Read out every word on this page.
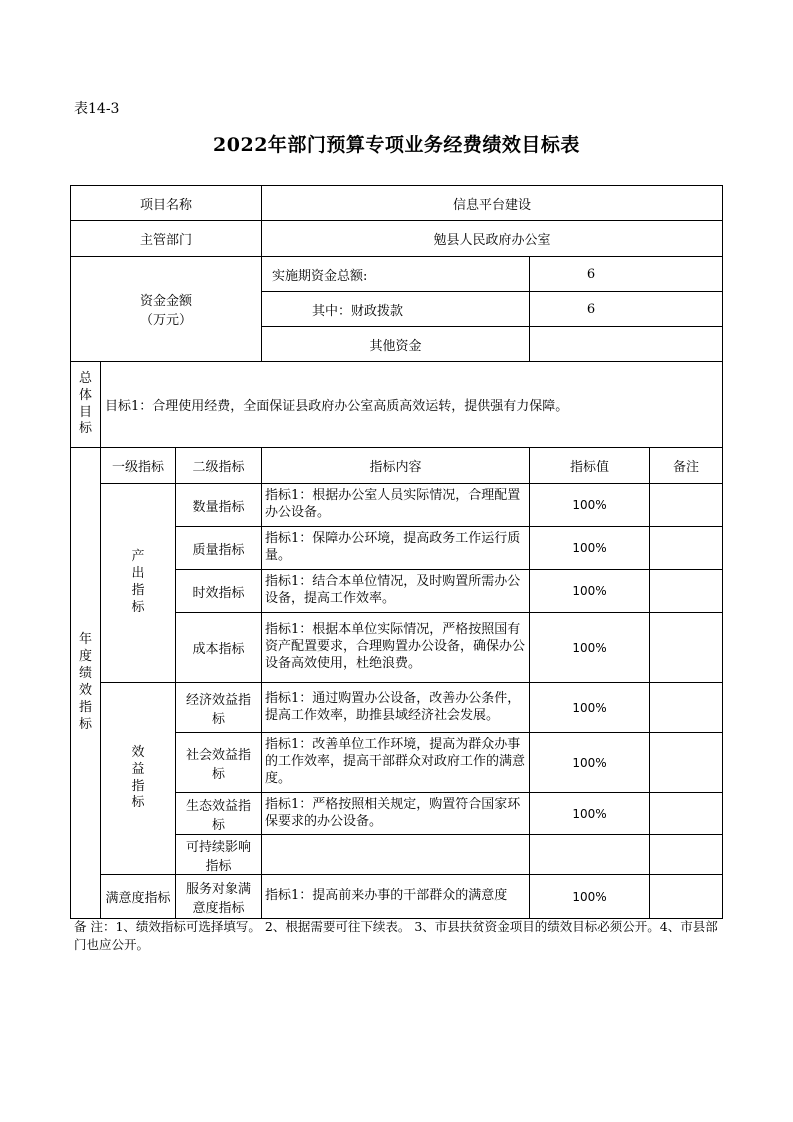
表14-3
2022年部门预算专项业务经费绩效目标表
项目名称			信息平台建设		
主管部门			勉县人民政府办公室		

资金金额
（万元）			实施期资金总额:	6	
			其中：财政拨款	6	
			其他资金		
总体目标	目标1：合理使用经费，全面保证县政府办公室高质高效运转，提供强有力保障。				
年度绩效指标	一级指标	二级指标	指标内容	指标值	备注
	产出指标	数量指标	指标1：根据办公室人员实际情况，合理配置办公设备。	100%	
		质量指标	指标1：保障办公环境，提高政务工作运行质量。	100%	
		时效指标	指标1：结合本单位情况，及时购置所需办公设备，提高工作效率。	100%	
		成本指标	指标1：根据本单位实际情况，严格按照国有资产配置要求，合理购置办公设备，确保办公设备高效使用，杜绝浪费。	100%	
	效益指标	经济效益指标	指标1：通过购置办公设备，改善办公条件，提高工作效率，助推县域经济社会发展。	100%	
		社会效益指标	指标1：改善单位工作环境，提高为群众办事的工作效率，提高干部群众对政府工作的满意度。	100%	
		生态效益指标	指标1：严格按照相关规定，购置符合国家环保要求的办公设备。	100%	
		可持续影响指标			
	满意度指标	服务对象满意度指标	指标1：提高前来办事的干部群众的满意度	100%	
备 注：1、绩效指标可选择填写。 2、根据需要可往下续表。 3、市县扶贫资金项目的绩效目标必须公开。4、市县部门也应公开。
